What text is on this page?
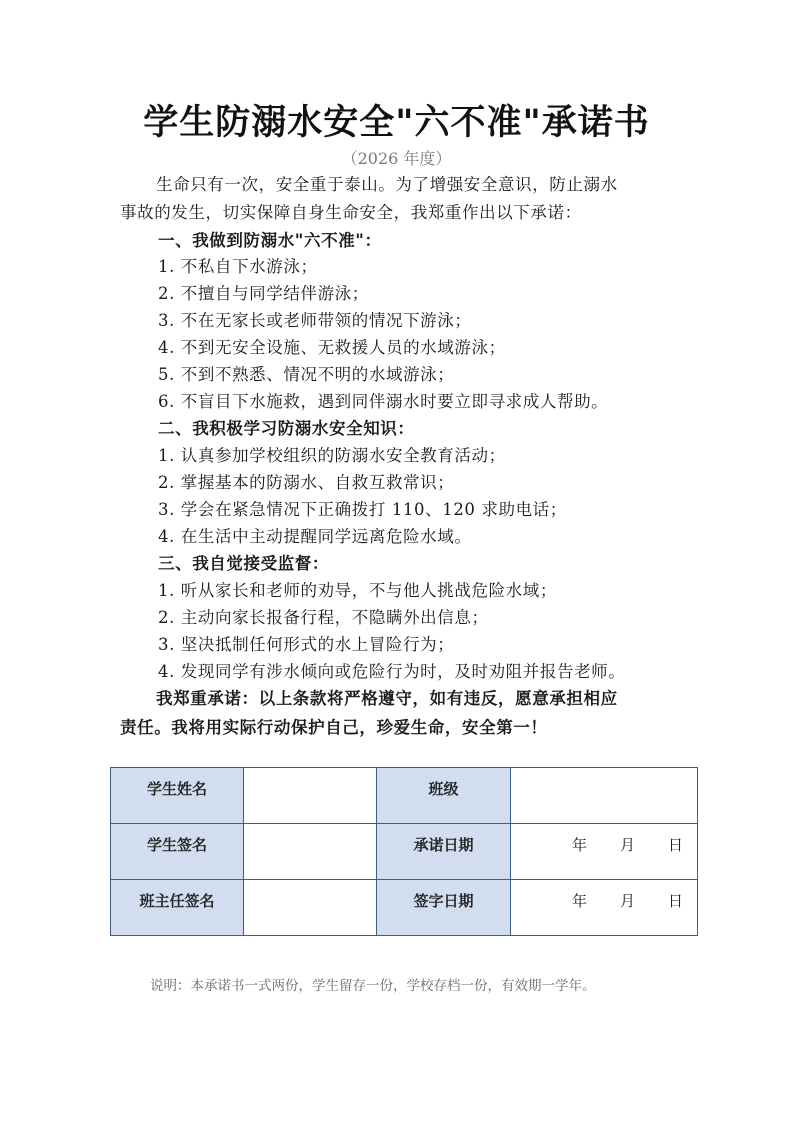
学生防溺水安全"六不准"承诺书
（2026 年度）
生命只有一次，安全重于泰山。为了增强安全意识，防止溺水
事故的发生，切实保障自身生命安全，我郑重作出以下承诺：
一、我做到防溺水"六不准"：
1. 不私自下水游泳；
2. 不擅自与同学结伴游泳；
3. 不在无家长或老师带领的情况下游泳；
4. 不到无安全设施、无救援人员的水域游泳；
5. 不到不熟悉、情况不明的水域游泳；
6. 不盲目下水施救，遇到同伴溺水时要立即寻求成人帮助。
二、我积极学习防溺水安全知识：
1. 认真参加学校组织的防溺水安全教育活动；
2. 掌握基本的防溺水、自救互救常识；
3. 学会在紧急情况下正确拨打 110、120 求助电话；
4. 在生活中主动提醒同学远离危险水域。
三、我自觉接受监督：
1. 听从家长和老师的劝导，不与他人挑战危险水域；
2. 主动向家长报备行程，不隐瞒外出信息；
3. 坚决抵制任何形式的水上冒险行为；
4. 发现同学有涉水倾向或危险行为时，及时劝阻并报告老师。
我郑重承诺：以上条款将严格遵守，如有违反，愿意承担相应
责任。我将用实际行动保护自己，珍爱生命，安全第一！
学生姓名		班级	
学生签名		承诺日期	年 月 日

班主任签名		签字日期	年 月 日
说明：本承诺书一式两份，学生留存一份，学校存档一份，有效期一学年。
